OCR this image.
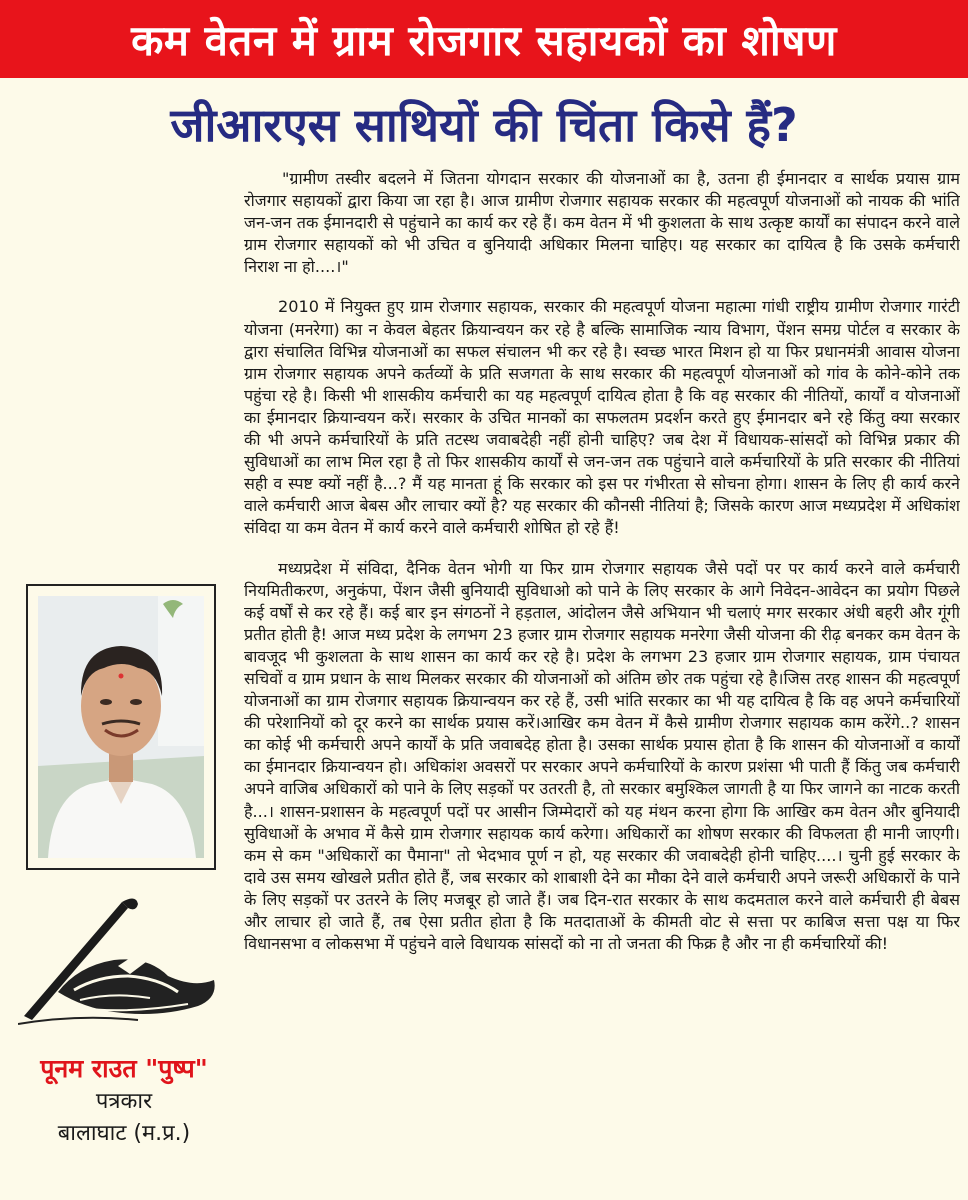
कम वेतन में ग्राम रोजगार सहायकों का शोषण
जीआरएस साथियों की चिंता किसे हैं?

"ग्रामीण तस्वीर बदलने में जितना योगदान सरकार की योजनाओं का है, उतना ही ईमानदार व सार्थक प्रयास ग्राम रोजगार सहायकों द्वारा किया जा रहा है। आज ग्रामीण रोजगार सहायक सरकार की महत्वपूर्ण योजनाओं को नायक की भांति जन-जन तक ईमानदारी से पहुंचाने का कार्य कर रहे हैं। कम वेतन में भी कुशलता के साथ उत्कृष्ट कार्यों का संपादन करने वाले ग्राम रोजगार सहायकों को भी उचित व बुनियादी अधिकार मिलना चाहिए। यह सरकार का दायित्व है कि उसके कर्मचारी निराश ना हो....।"

2010 में नियुक्त हुए ग्राम रोजगार सहायक, सरकार की महत्वपूर्ण योजना महात्मा गांधी राष्ट्रीय ग्रामीण रोजगार गारंटी योजना (मनरेगा) का न केवल बेहतर क्रियान्वयन कर रहे है बल्कि सामाजिक न्याय विभाग, पेंशन समग्र पोर्टल व सरकार के द्वारा संचालित विभिन्न योजनाओं का सफल संचालन भी कर रहे है। स्वच्छ भारत मिशन हो या फिर प्रधानमंत्री आवास योजना ग्राम रोजगार सहायक अपने कर्तव्यों के प्रति सजगता के साथ सरकार की महत्वपूर्ण योजनाओं को गांव के कोने-कोने तक पहुंचा रहे है। किसी भी शासकीय कर्मचारी का यह महत्वपूर्ण दायित्व होता है कि वह सरकार की नीतियों, कार्यों व योजनाओं का ईमानदार क्रियान्वयन करें। सरकार के उचित मानकों का सफलतम प्रदर्शन करते हुए ईमानदार बने रहे किंतु क्या सरकार की भी अपने कर्मचारियों के प्रति तटस्थ जवाबदेही नहीं होनी चाहिए? जब देश में विधायक-सांसदों को विभिन्न प्रकार की सुविधाओं का लाभ मिल रहा है तो फिर शासकीय कार्यों से जन-जन तक पहुंचाने वाले कर्मचारियों के प्रति सरकार की नीतियां सही व स्पष्ट क्यों नहीं है...? मैं यह मानता हूं कि सरकार को इस पर गंभीरता से सोचना होगा। शासन के लिए ही कार्य करने वाले कर्मचारी आज बेबस और लाचार क्यों है? यह सरकार की कौनसी नीतियां है; जिसके कारण आज मध्यप्रदेश में अधिकांश संविदा या कम वेतन में कार्य करने वाले कर्मचारी शोषित हो रहे हैं!

मध्यप्रदेश में संविदा, दैनिक वेतन भोगी या फिर ग्राम रोजगार सहायक जैसे पदों पर पर कार्य करने वाले कर्मचारी नियमितीकरण, अनुकंपा, पेंशन जैसी बुनियादी सुविधाओ को पाने के लिए सरकार के आगे निवेदन-आवेदन का प्रयोग पिछले कई वर्षों से कर रहे हैं। कई बार इन संगठनों ने हड़ताल, आंदोलन जैसे अभियान भी चलाएं मगर सरकार अंधी बहरी और गूंगी प्रतीत होती है! आज मध्य प्रदेश के लगभग 23 हजार ग्राम रोजगार सहायक मनरेगा जैसी योजना की रीढ़ बनकर कम वेतन के बावजूद भी कुशलता के साथ शासन का कार्य कर रहे है। प्रदेश के लगभग 23 हजार ग्राम रोजगार सहायक, ग्राम पंचायत सचिवों व ग्राम प्रधान के साथ मिलकर सरकार की योजनाओं को अंतिम छोर तक पहुंचा रहे है।जिस तरह शासन की महत्वपूर्ण योजनाओं का ग्राम रोजगार सहायक क्रियान्वयन कर रहे हैं, उसी भांति सरकार का भी यह दायित्व है कि वह अपने कर्मचारियों की परेशानियों को दूर करने का सार्थक प्रयास करें।आखिर कम वेतन में कैसे ग्रामीण रोजगार सहायक काम करेंगे..? शासन का कोई भी कर्मचारी अपने कार्यों के प्रति जवाबदेह होता है। उसका सार्थक प्रयास होता है कि शासन की योजनाओं व कार्यों का ईमानदार क्रियान्वयन हो। अधिकांश अवसरों पर सरकार अपने कर्मचारियों के कारण प्रशंसा भी पाती हैं किंतु जब कर्मचारी अपने वाजिब अधिकारों को पाने के लिए सड़कों पर उतरती है, तो सरकार बमुश्किल जागती है या फिर जागने का नाटक करती है...। शासन-प्रशासन के महत्वपूर्ण पदों पर आसीन जिम्मेदारों को यह मंथन करना होगा कि आखिर कम वेतन और बुनियादी सुविधाओं के अभाव में कैसे ग्राम रोजगार सहायक कार्य करेगा। अधिकारों का शोषण सरकार की विफलता ही मानी जाएगी। कम से कम "अधिकारों का पैमाना" तो भेदभाव पूर्ण न हो, यह सरकार की जवाबदेही होनी चाहिए....। चुनी हुई सरकार के दावे उस समय खोखले प्रतीत होते हैं, जब सरकार को शाबाशी देने का मौका देने वाले कर्मचारी अपने जरूरी अधिकारों के पाने के लिए सड़कों पर उतरने के लिए मजबूर हो जाते हैं। जब दिन-रात सरकार के साथ कदमताल करने वाले कर्मचारी ही बेबस और लाचार हो जाते हैं, तब ऐसा प्रतीत होता है कि मतदाताओं के कीमती वोट से सत्ता पर काबिज सत्ता पक्ष या फिर विधानसभा व लोकसभा में पहुंचने वाले विधायक सांसदों को ना तो जनता की फिक्र है और ना ही कर्मचारियों की!

पूनम राउत "पुष्प"
पत्रकार
बालाघाट (म.प्र.)
